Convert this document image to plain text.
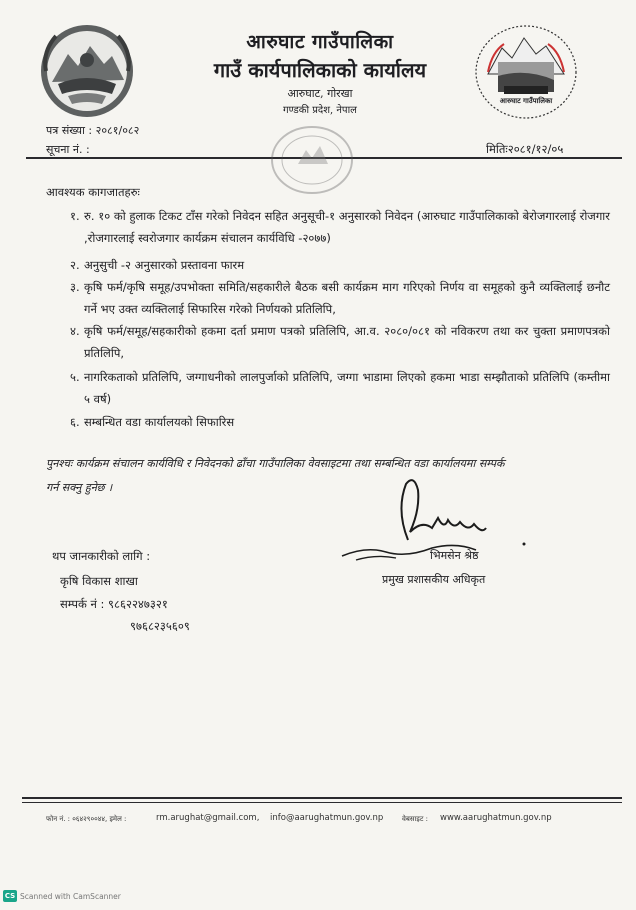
आरुघाट गाउँपालिका
गाउँ कार्यपालिकाको कार्यालय
आरुघाट, गोरखा
गण्डकी प्रदेश, नेपाल
आरुघाट गाउँपालिका
पत्र संख्या : २०८१/०८२
सूचना नं. :	मितिः२०८१/१२/०५
आवश्यक कागजातहरुः
१. रु. १० को हुलाक टिकट टाँस गरेको निवेदन सहित अनुसूची-१ अनुसारको निवेदन (आरुघाट गाउँपालिकाको बेरोजगारलाई रोजगार ,रोजगारलाई स्वरोजगार कार्यक्रम संचालन कार्यविधि -२०७७)
२. अनुसुची -२ अनुसारको प्रस्तावना फारम
३. कृषि फर्म/कृषि समूह/उपभोक्ता समिति/सहकारीले बैठक बसी कार्यक्रम माग गरिएको निर्णय वा समूहको कुनै व्यक्तिलाई छनौट गर्ने भए उक्त व्यक्तिलाई सिफारिस गरेको निर्णयको प्रतिलिपि,
४. कृषि फर्म/समूह/सहकारीको हकमा दर्ता प्रमाण पत्रको प्रतिलिपि, आ.व. २०८०/०८१ को नविकरण तथा कर चुक्ता प्रमाणपत्रको प्रतिलिपि,
५. नागरिकताको प्रतिलिपि, जग्गाधनीको लालपुर्जाको प्रतिलिपि, जग्गा भाडामा लिएको हकमा भाडा सम्झौताको प्रतिलिपि (कम्तीमा ५ वर्ष)
६. सम्बन्धित वडा कार्यालयको सिफारिस
पुनश्चः कार्यक्रम संचालन कार्यविधि र निवेदनको ढाँचा गाउँपालिका वेवसाइटमा तथा सम्बन्धित वडा कार्यालयमा सम्पर्क
गर्न सक्नु हुनेछ ।
थप जानकारीको लागि :
कृषि विकास शाखा
सम्पर्क नं : ९८६२२४७३२१
९७६८२३५६०९
भिमसेन श्रेष्ठ
प्रमुख प्रशासकीय अधिकृत
फोन नं. : ०६४२९००४४, इमेल :	rm.arughat@gmail.com, info@aarughatmun.gov.np	वेबसाइट : www.aarughatmun.gov.np
CS Scanned with CamScanner
